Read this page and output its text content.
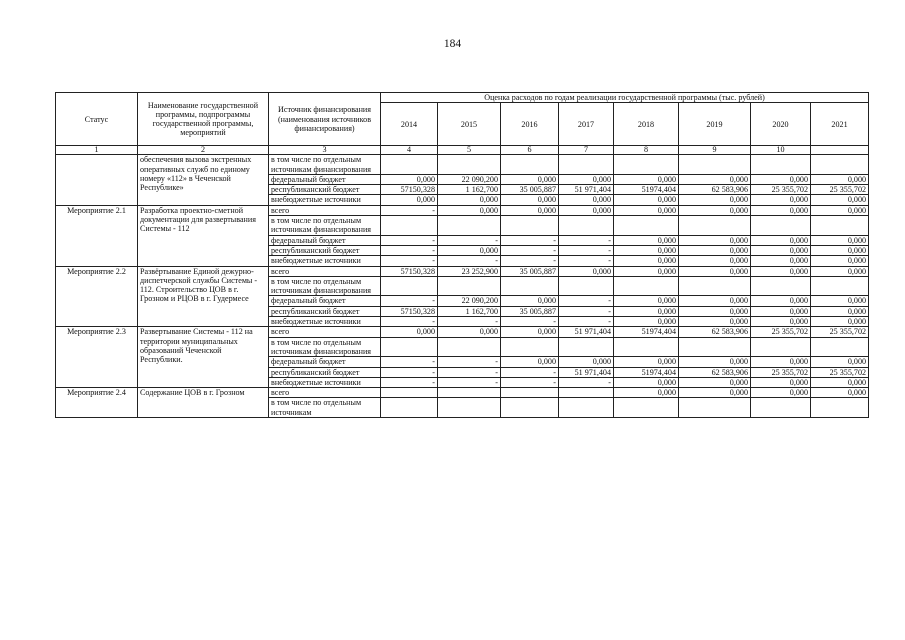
184
Статус	Наименование государственной программы, подпрограммы государственной программы, мероприятий	Источник финансирования (наименования источников финансирования)	Оценка расходов по годам реализации государственной программы (тыс. рублей)							
			2014	2015	2016	2017	2018	2019	2020	2021
1	2	3	4	5	6	7	8	9	10	
	обеспечения вызова экстренных оперативных служб по единому номеру «112» в Чеченской Республике»	в том числе по отдельным источникам финансирования								
		федеральный бюджет	0,000	22 090,200	0,000	0,000	0,000	0,000	0,000	0,000
		республиканский бюджет	57150,328	1 162,700	35 005,887	51 971,404	51974,404	62 583,906	25 355,702	25 355,702
		внебюджетные источники	0,000	0,000	0,000	0,000	0,000	0,000	0,000	0,000
Мероприятие 2.1	Разработка проектно-сметной документации для развертывания Системы - 112	всего	-	0,000	0,000	0,000	0,000	0,000	0,000	0,000
		в том числе по отдельным источникам финансирования								
		федеральный бюджет	-	-	-	-	0,000	0,000	0,000	0,000
		республиканский бюджет	-	0,000	-	-	0,000	0,000	0,000	0,000
		внебюджетные источники	-	-	-	-	0,000	0,000	0,000	0,000
Мероприятие 2.2	Развёртывание Единой дежурно-диспетчерской службы Системы - 112. Строительство ЦОВ в г. Грозном и РЦОВ в г. Гудермесе	всего	57150,328	23 252,900	35 005,887	0,000	0,000	0,000	0,000	0,000
		в том числе по отдельным источникам финансирования								
		федеральный бюджет	-	22 090,200	0,000	-	0,000	0,000	0,000	0,000
		республиканский бюджет	57150,328	1 162,700	35 005,887	-	0,000	0,000	0,000	0,000
		внебюджетные источники	-	-	-	-	0,000	0,000	0,000	0,000
Мероприятие 2.3	Развертывание Системы - 112 на территории муниципальных образований Чеченской Республики.	всего	0,000	0,000	0,000	51 971,404	51974,404	62 583,906	25 355,702	25 355,702
		в том числе по отдельным источникам финансирования								
		федеральный бюджет	-	-	0,000	0,000	0,000	0,000	0,000	0,000
		республиканский бюджет	-	-	-	51 971,404	51974,404	62 583,906	25 355,702	25 355,702
		внебюджетные источники	-	-	-	-	0,000	0,000	0,000	0,000
Мероприятие 2.4	Содержание ЦОВ в г. Грозном	всего					0,000	0,000	0,000	0,000
		в том числе по отдельным источникам								
